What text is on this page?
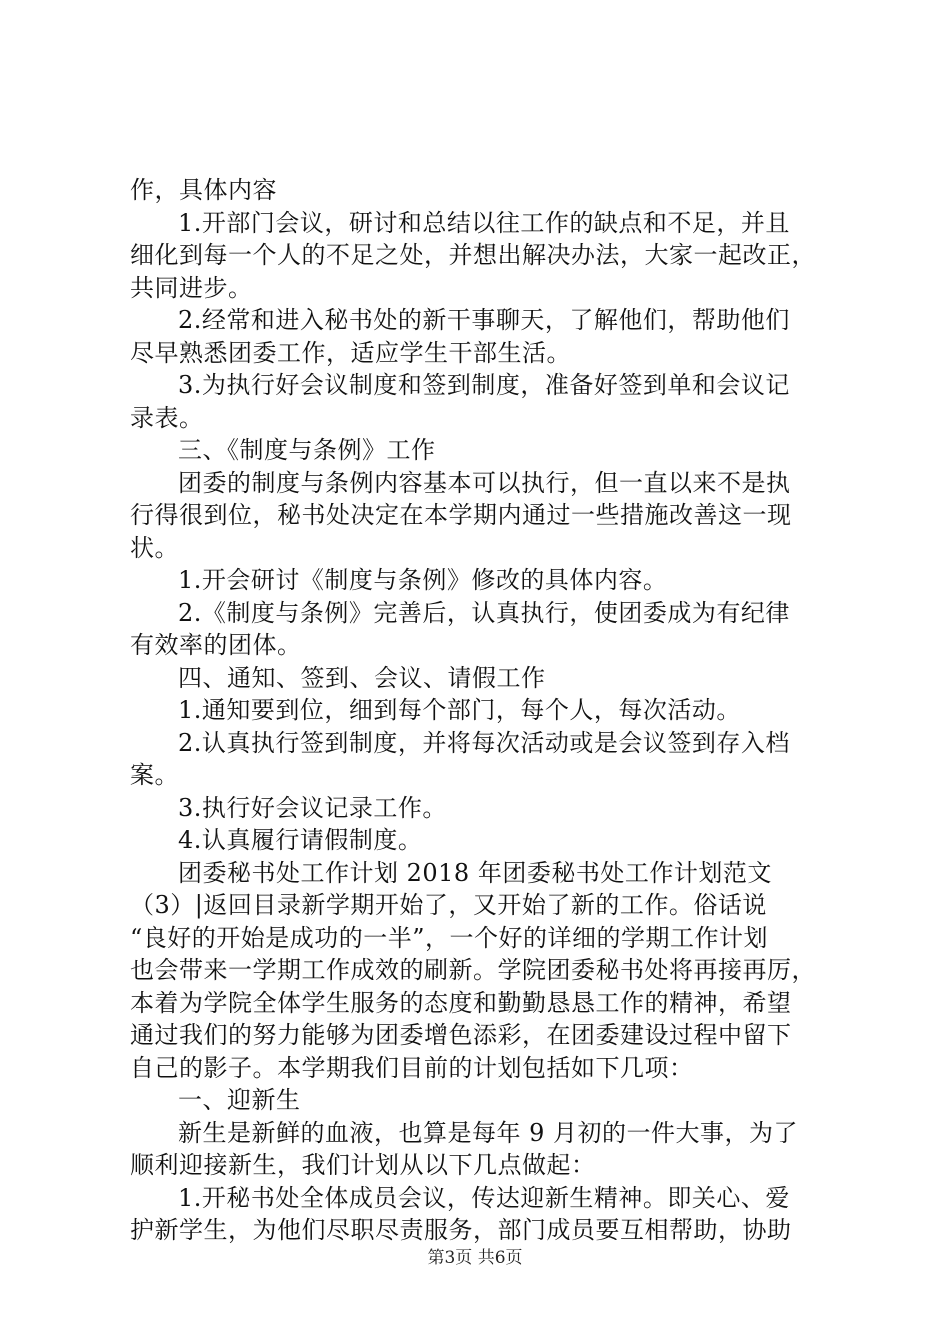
作，具体内容
1.开部门会议，研讨和总结以往工作的缺点和不足，并且
细化到每一个人的不足之处，并想出解决办法，大家一起改正，
共同进步。
2.经常和进入秘书处的新干事聊天，了解他们，帮助他们
尽早熟悉团委工作，适应学生干部生活。
3.为执行好会议制度和签到制度，准备好签到单和会议记
录表。
三、《制度与条例》工作
团委的制度与条例内容基本可以执行，但一直以来不是执
行得很到位，秘书处决定在本学期内通过一些措施改善这一现
状。
1.开会研讨《制度与条例》修改的具体内容。
2.《制度与条例》完善后，认真执行，使团委成为有纪律
有效率的团体。
四、通知、签到、会议、请假工作
1.通知要到位，细到每个部门，每个人，每次活动。
2.认真执行签到制度，并将每次活动或是会议签到存入档
案。
3.执行好会议记录工作。
4.认真履行请假制度。
团委秘书处工作计划 2018 年团委秘书处工作计划范文
（3）|返回目录新学期开始了，又开始了新的工作。俗话说
“良好的开始是成功的一半”，一个好的详细的学期工作计划
也会带来一学期工作成效的刷新。学院团委秘书处将再接再厉，
本着为学院全体学生服务的态度和勤勤恳恳工作的精神，希望
通过我们的努力能够为团委增色添彩，在团委建设过程中留下
自己的影子。本学期我们目前的计划包括如下几项：
一、迎新生
新生是新鲜的血液，也算是每年 9 月初的一件大事，为了
顺利迎接新生，我们计划从以下几点做起：
1.开秘书处全体成员会议，传达迎新生精神。即关心、爱
护新学生，为他们尽职尽责服务，部门成员要互相帮助，协助
第3页 共6页
